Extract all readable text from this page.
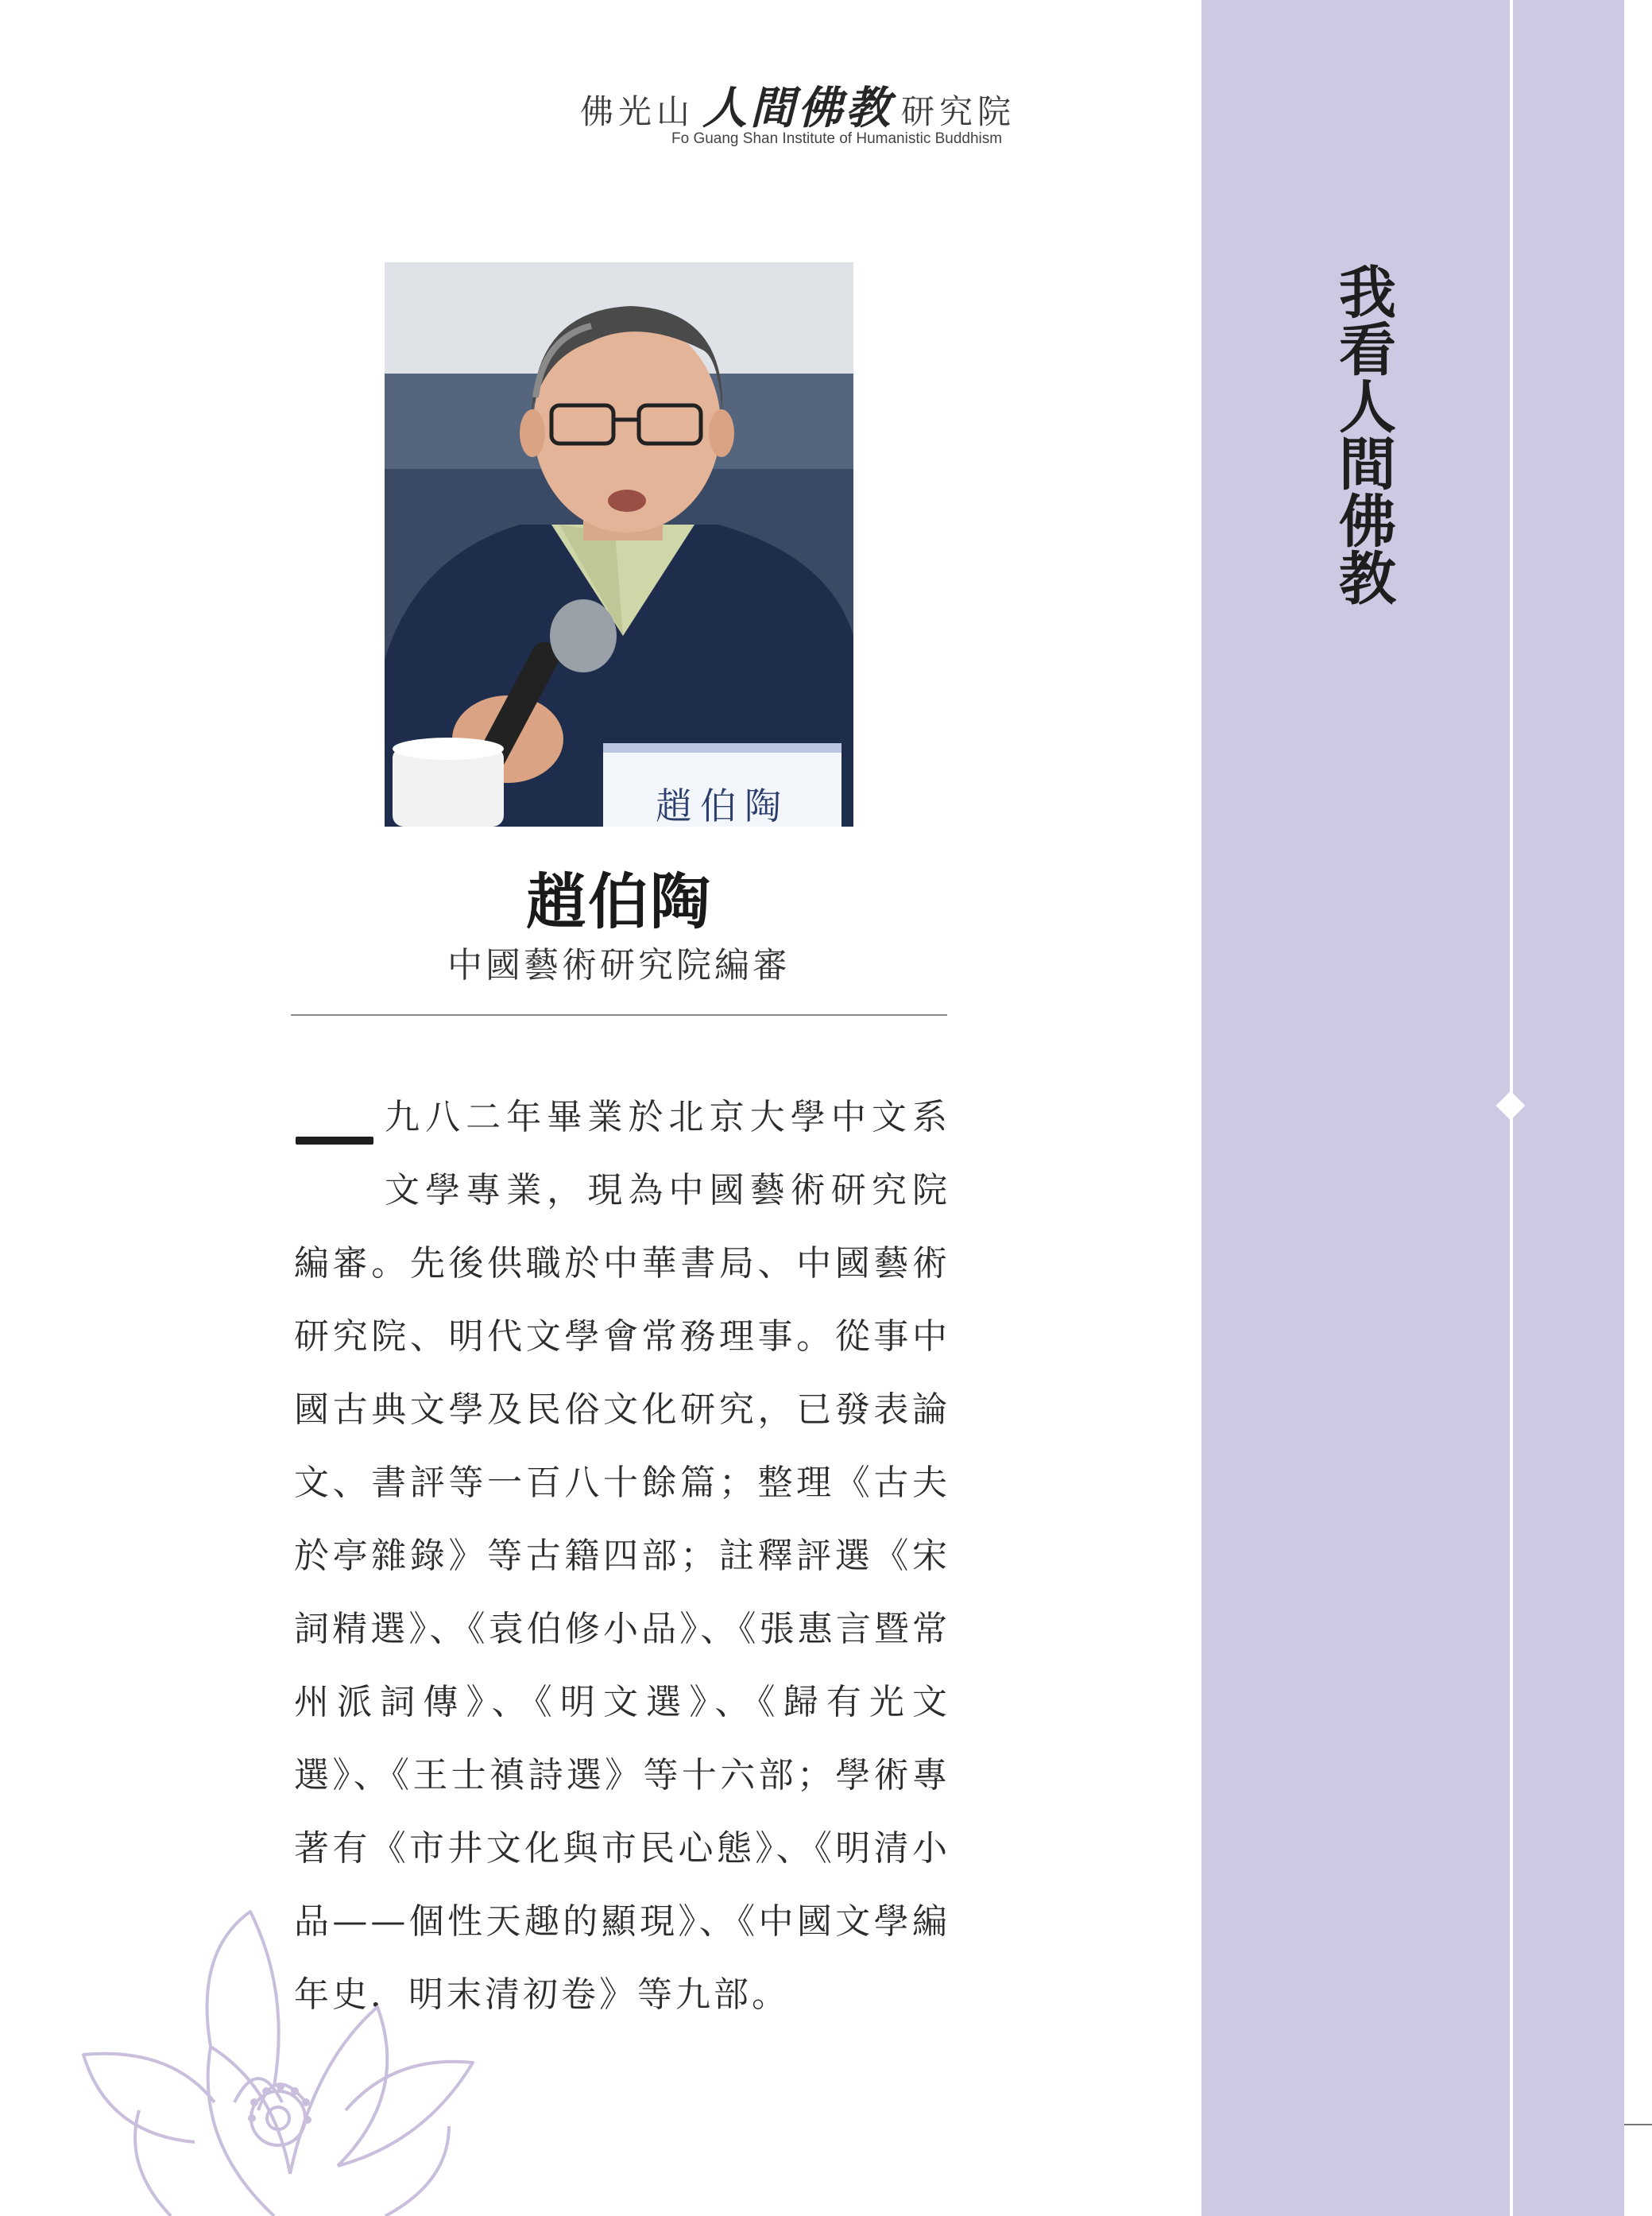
我看人間佛教
佛光山 人間佛教 研究院
Fo Guang Shan Institute of Humanistic Buddhism
趙伯陶
趙伯陶
中國藝術研究院編審

九八二年畢業於北京大學中文系文學專業，現為中國藝術研究院編審。先後供職於中華書局、中國藝術研究院、明代文學會常務理事。從事中國古典文學及民俗文化研究，已發表論文、書評等一百八十餘篇；整理《古夫於亭雜錄》等古籍四部；註釋評選《宋詞精選》、《袁伯修小品》、《張惠言暨常州派詞傳》、《明文選》、《歸有光文選》、《王士禛詩選》等十六部；學術專著有《市井文化與市民心態》、《明清小品——個性天趣的顯現》、《中國文學編年史．明末清初卷》等九部。
